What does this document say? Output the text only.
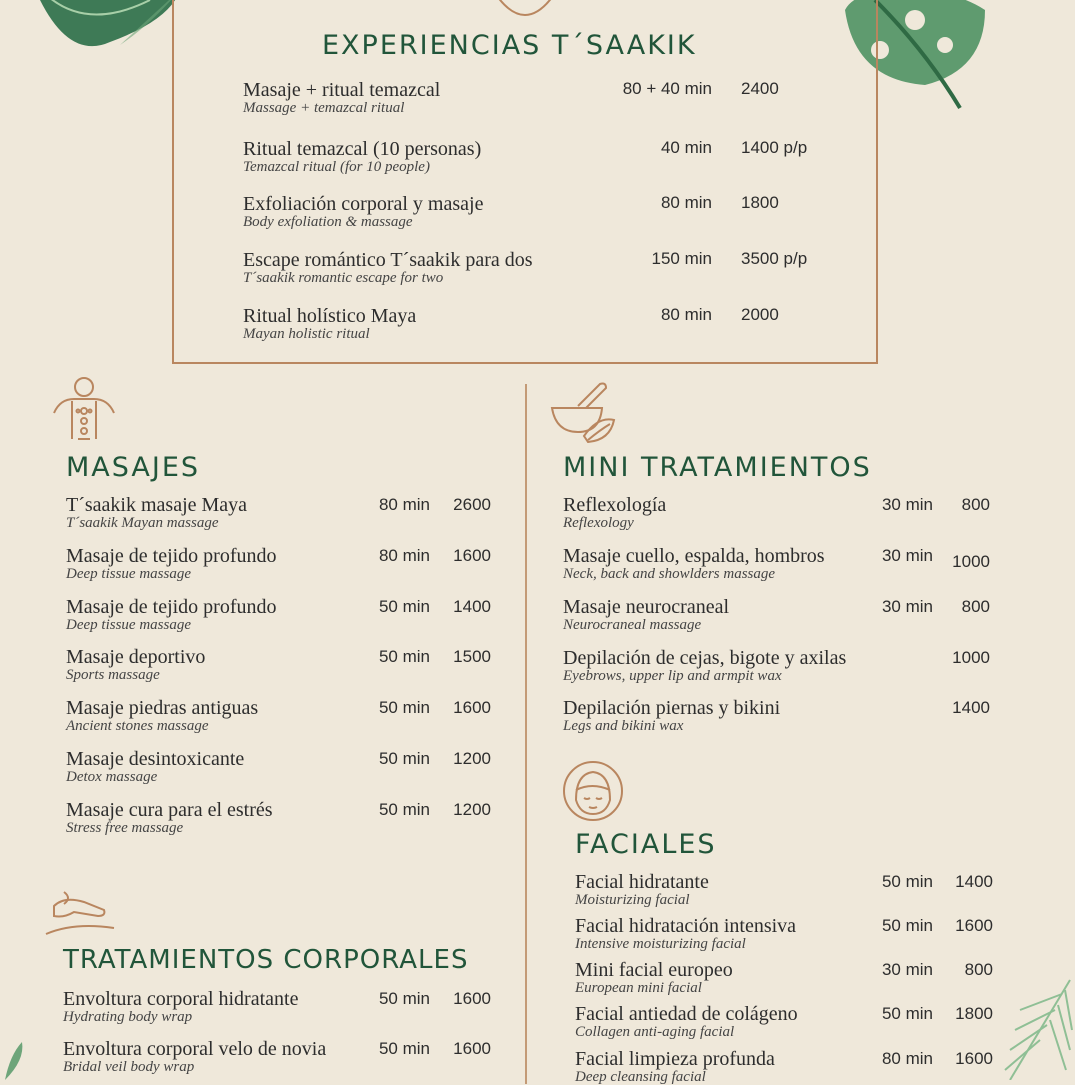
EXPERIENCIAS T´SAAKIK
MASAJES	MINI TRATAMIENTOS
FACIALES
TRATAMIENTOS CORPORALES
80 + 40 min 2400
Masaje + ritual temazcal
Massage + temazcal ritual
40 min 1400 p/p
Ritual temazcal (10 personas)
Temazcal ritual (for 10 people)
80 min 1800
Exfoliación corporal y masaje
Body exfoliation & massage
150 min 3500 p/p
Escape romántico T´saakik para dos
T´saakik romantic escape for two
80 min 2000
Ritual holístico Maya
Mayan holistic ritual
80 min 2600
T´saakik masaje Maya
T´saakik Mayan massage
80 min 1600
Masaje de tejido profundo
Deep tissue massage
50 min 1400
Masaje de tejido profundo
Deep tissue massage
50 min 1500
Masaje deportivo
Sports massage
50 min 1600
Masaje piedras antiguas
Ancient stones massage
50 min 1200
Masaje desintoxicante
Detox massage
50 min 1200
Masaje cura para el estrés
Stress free massage
50 min 1600
Envoltura corporal hidratante
Hydrating body wrap
50 min 1600
Envoltura corporal velo de novia
Bridal veil body wrap
30 min 800
Reflexología
Reflexology
30 min 1000
Masaje cuello, espalda, hombros
Neck, back and showlders massage
30 min 800
Masaje neurocraneal
Neurocraneal massage
1000
Depilación de cejas, bigote y axilas
Eyebrows, upper lip and armpit wax
1400
Depilación piernas y bikini
Legs and bikini wax
50 min 1400
Facial hidratante
Moisturizing facial
50 min 1600
Facial hidratación intensiva
Intensive moisturizing facial
30 min 800
Mini facial europeo
European mini facial
50 min 1800
Facial antiedad de colágeno
Collagen anti-aging facial
80 min 1600
Facial limpieza profunda
Deep cleansing facial
